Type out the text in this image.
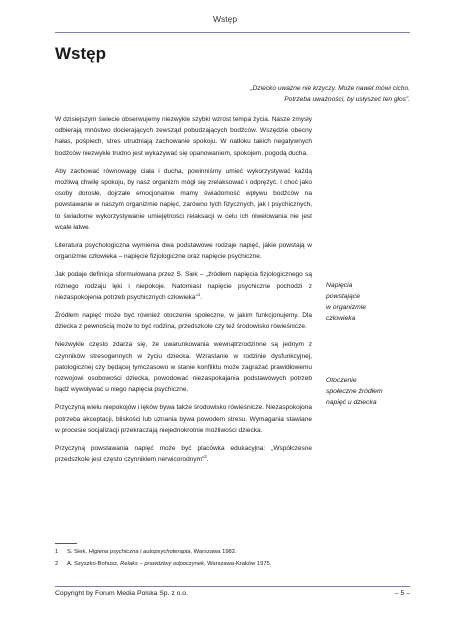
Wstęp
Wstęp
„Dziecko uważne nie krzyczy. Może nawet mówi cicho.
Potrzeba uważności, by usłyszeć ten głos”.

W dzisiejszym świecie obserwujemy niezwykle szybki wzrost tempa życia. Nasze zmysły odbierają mnóstwo docierających zewsząd pobudzających bodźców. Wszędzie obecny hałas, pośpiech, stres utrudniają zachowanie spokoju. W natłoku takich negatywnych bodźców niezwykle trudno jest wykazywać się opanowaniem, spokojem, pogodą ducha.

Aby zachować równowagę ciała i ducha, powinniśmy umieć wykorzystywać każdą możliwą chwilę spokoju, by nasz organizm mógł się zrelaksować i odprężyć. I choć jako osoby dorosłe, dojrzałe emocjonalnie mamy świadomość wpływu bodźców na powstawanie w naszym organizmie napięć, zarówno tych fizycznych, jak i psychicznych, to świadome wykorzystywanie umiejętności relaksacji w celu ich niwelowania nie jest wcale łatwe.

Literatura psychologiczna wymienia dwa podstawowe rodzaje napięć, jakie powstają w organizmie człowieka – napięcie fizjologiczne oraz napięcie psychiczne.

Jak podaje definicja sformułowana przez S. Siek – „źródłem napięcia fizjologicznego są różnego rodzaju lęki i niepokoje. Natomiast napięcie psychiczne pochodzi z niezaspokojenia potrzeb psychicznych człowieka”$^1$.

Źródłem napięć może być również otoczenie społeczne, w jakim funkcjonujemy. Dla dziecka z pewnością może to być rodzina, przedszkole czy też środowisko rówieśnicze.

Niezwykle często zdarza się, że uwarunkowania wewnątrzrodzinne są jednym z czynników stresogennych w życiu dziecka. Wzrastanie w rodzinie dysfunkcyjnej, patologicznej czy będącej tymczasowo w stanie konfliktu może zagrażać prawidłowemu rozwojowi osobowości dziecka, powodować niezaspokajania podstawowych potrzeb bądź wywoływać u niego napięcia psychiczne.

Przyczyną wielu niepokojów i lęków bywa także środowisko rówieśnicze. Niezaspokojona potrzeba akceptacji, bliskości lub uznania bywa powodem stresu. Wymagania stawiane w procesie socjalizacji przekraczają niejednokrotnie możliwości dziecka.

Przyczyną powstawania napięć może być placówka edukacyjna: „Współczesne przedszkole jest często czynnikiem nerwicorodnym”$^2$.

Napięcia
powstające
w organizmie
człowieka
Otoczenie
społeczne źródłem
napięć u dziecka
1 S. Siek, Higiena psychiczna i autopsychoterapia, Warszawa 1982.
2 A. Szyszko-Bohusz, Relaks – prawdziwy odpoczynek, Warszawa-Kraków 1975.
Copyright by Forum Media Polska Sp. z o.o.	– 5 –
